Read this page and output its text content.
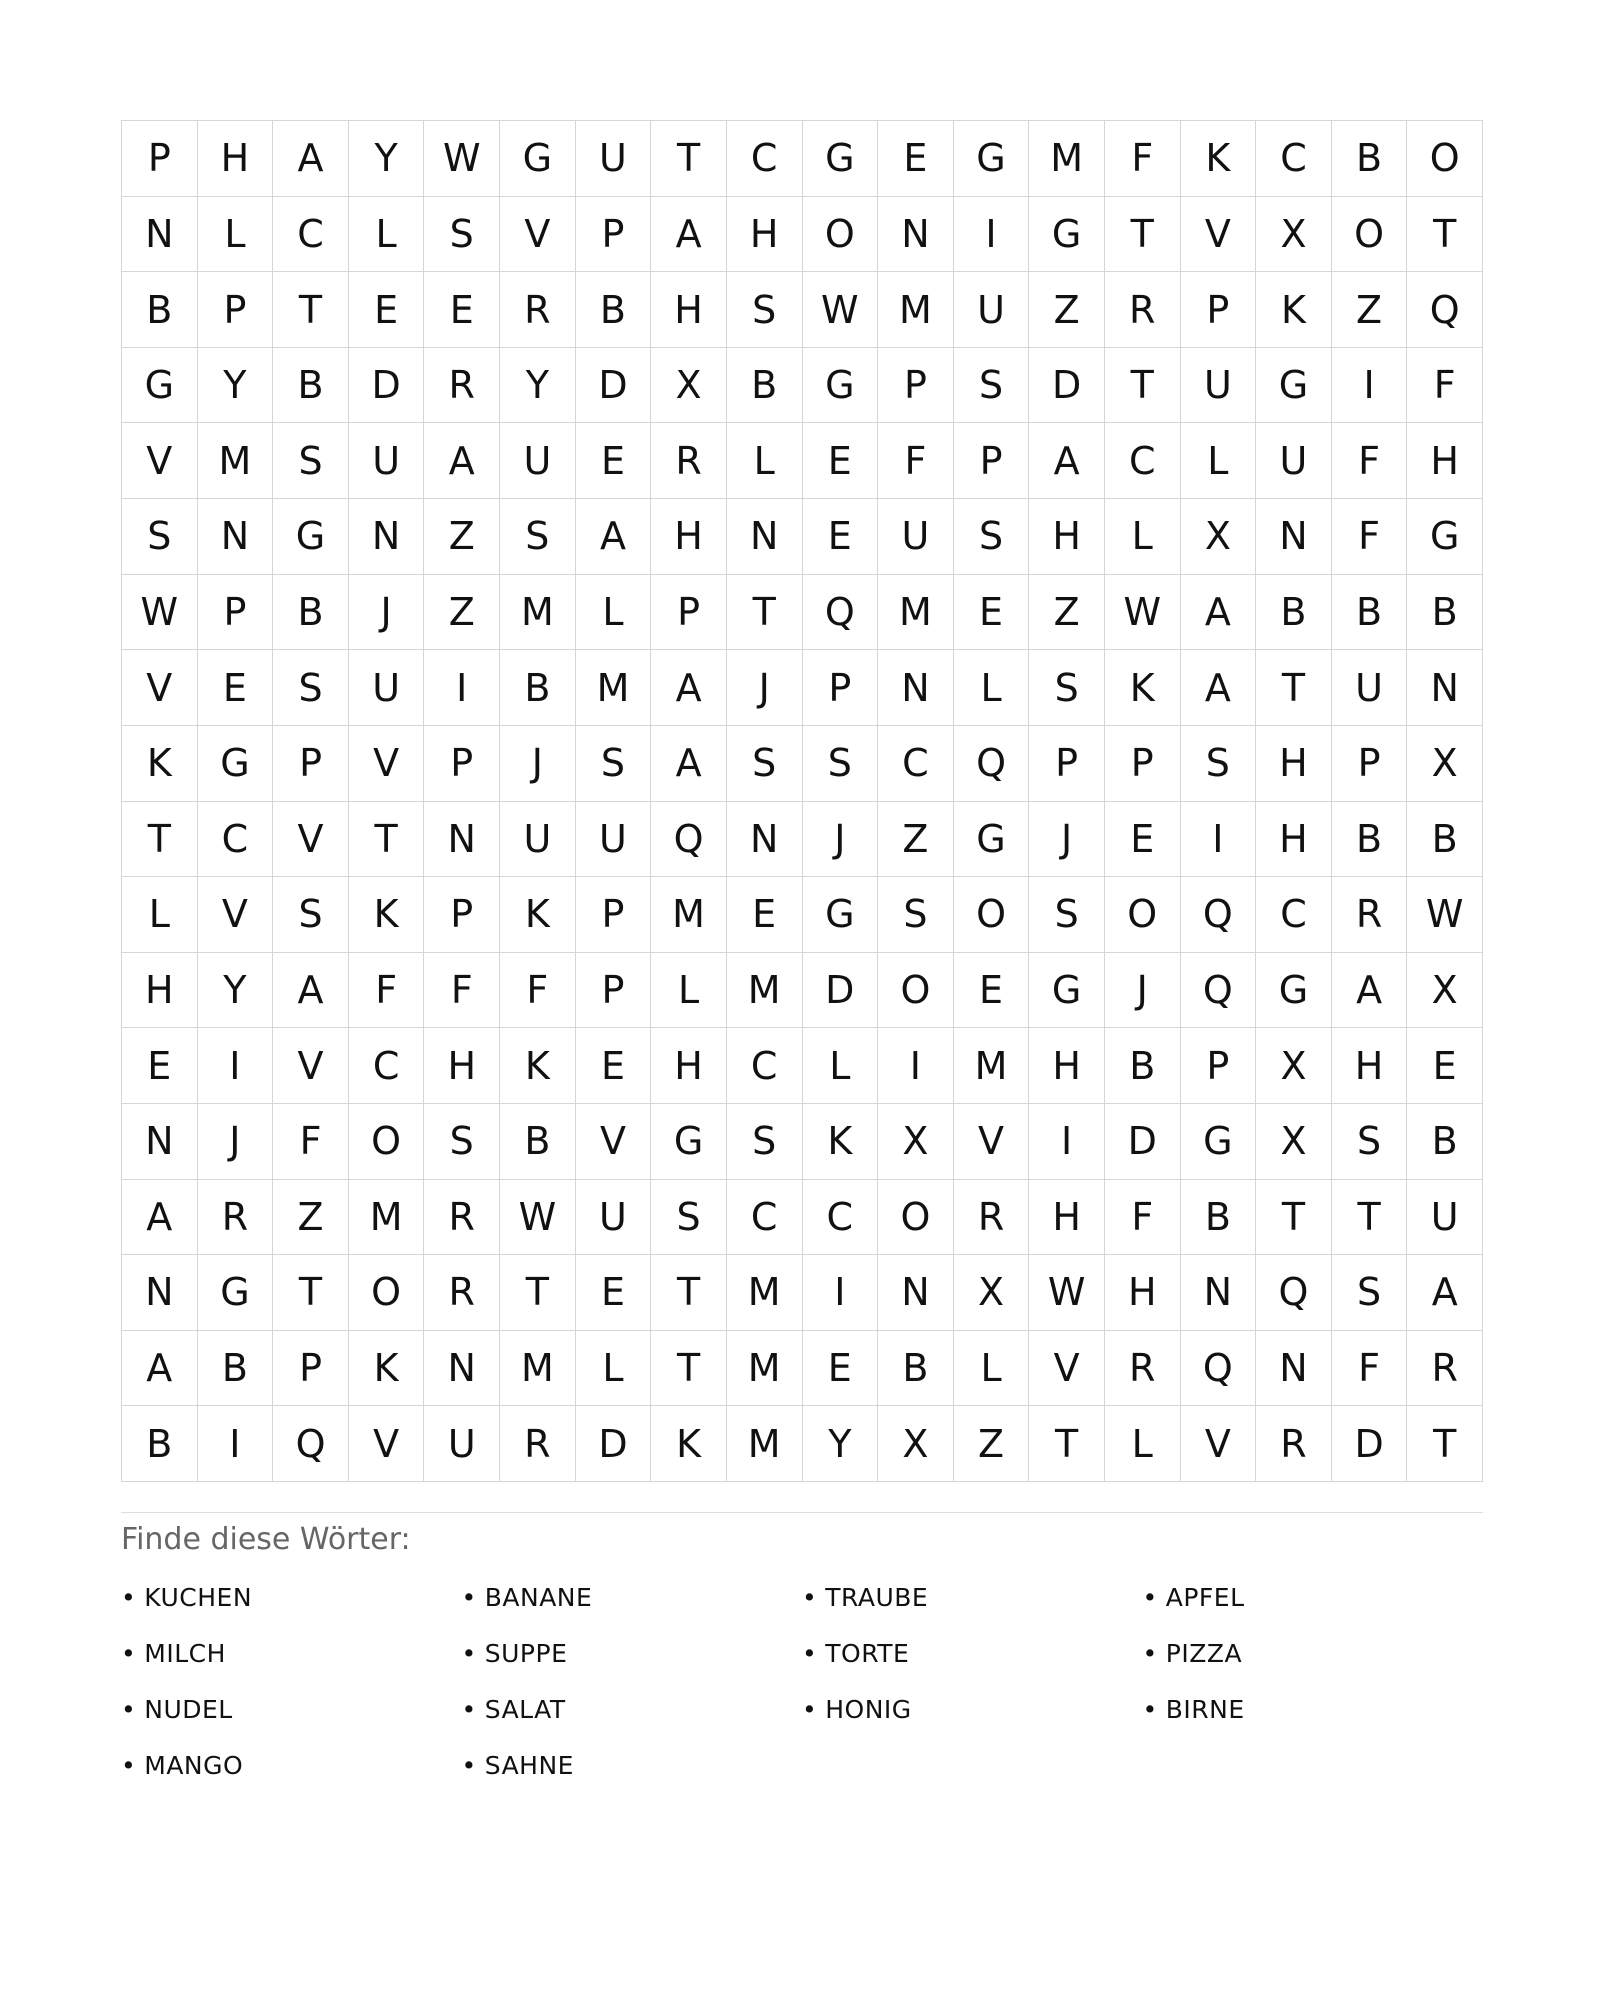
P	H	A	Y	W	G	U	T	C	G	E	G	M	F	K	C	B	O
N	L	C	L	S	V	P	A	H	O	N	I	G	T	V	X	O	T
B	P	T	E	E	R	B	H	S	W	M	U	Z	R	P	K	Z	Q
G	Y	B	D	R	Y	D	X	B	G	P	S	D	T	U	G	I	F
V	M	S	U	A	U	E	R	L	E	F	P	A	C	L	U	F	H
S	N	G	N	Z	S	A	H	N	E	U	S	H	L	X	N	F	G
W	P	B	J	Z	M	L	P	T	Q	M	E	Z	W	A	B	B	B
V	E	S	U	I	B	M	A	J	P	N	L	S	K	A	T	U	N
K	G	P	V	P	J	S	A	S	S	C	Q	P	P	S	H	P	X
T	C	V	T	N	U	U	Q	N	J	Z	G	J	E	I	H	B	B
L	V	S	K	P	K	P	M	E	G	S	O	S	O	Q	C	R	W
H	Y	A	F	F	F	P	L	M	D	O	E	G	J	Q	G	A	X
E	I	V	C	H	K	E	H	C	L	I	M	H	B	P	X	H	E
N	J	F	O	S	B	V	G	S	K	X	V	I	D	G	X	S	B
A	R	Z	M	R	W	U	S	C	C	O	R	H	F	B	T	T	U
N	G	T	O	R	T	E	T	M	I	N	X	W	H	N	Q	S	A
A	B	P	K	N	M	L	T	M	E	B	L	V	R	Q	N	F	R
B	I	Q	V	U	R	D	K	M	Y	X	Z	T	L	V	R	D	T
Finde diese Wörter:
• KUCHEN	• BANANE	• TRAUBE	• APFEL
• MILCH	• SUPPE	• TORTE	• PIZZA
• NUDEL	• SALAT	• HONIG	• BIRNE
• MANGO	• SAHNE
